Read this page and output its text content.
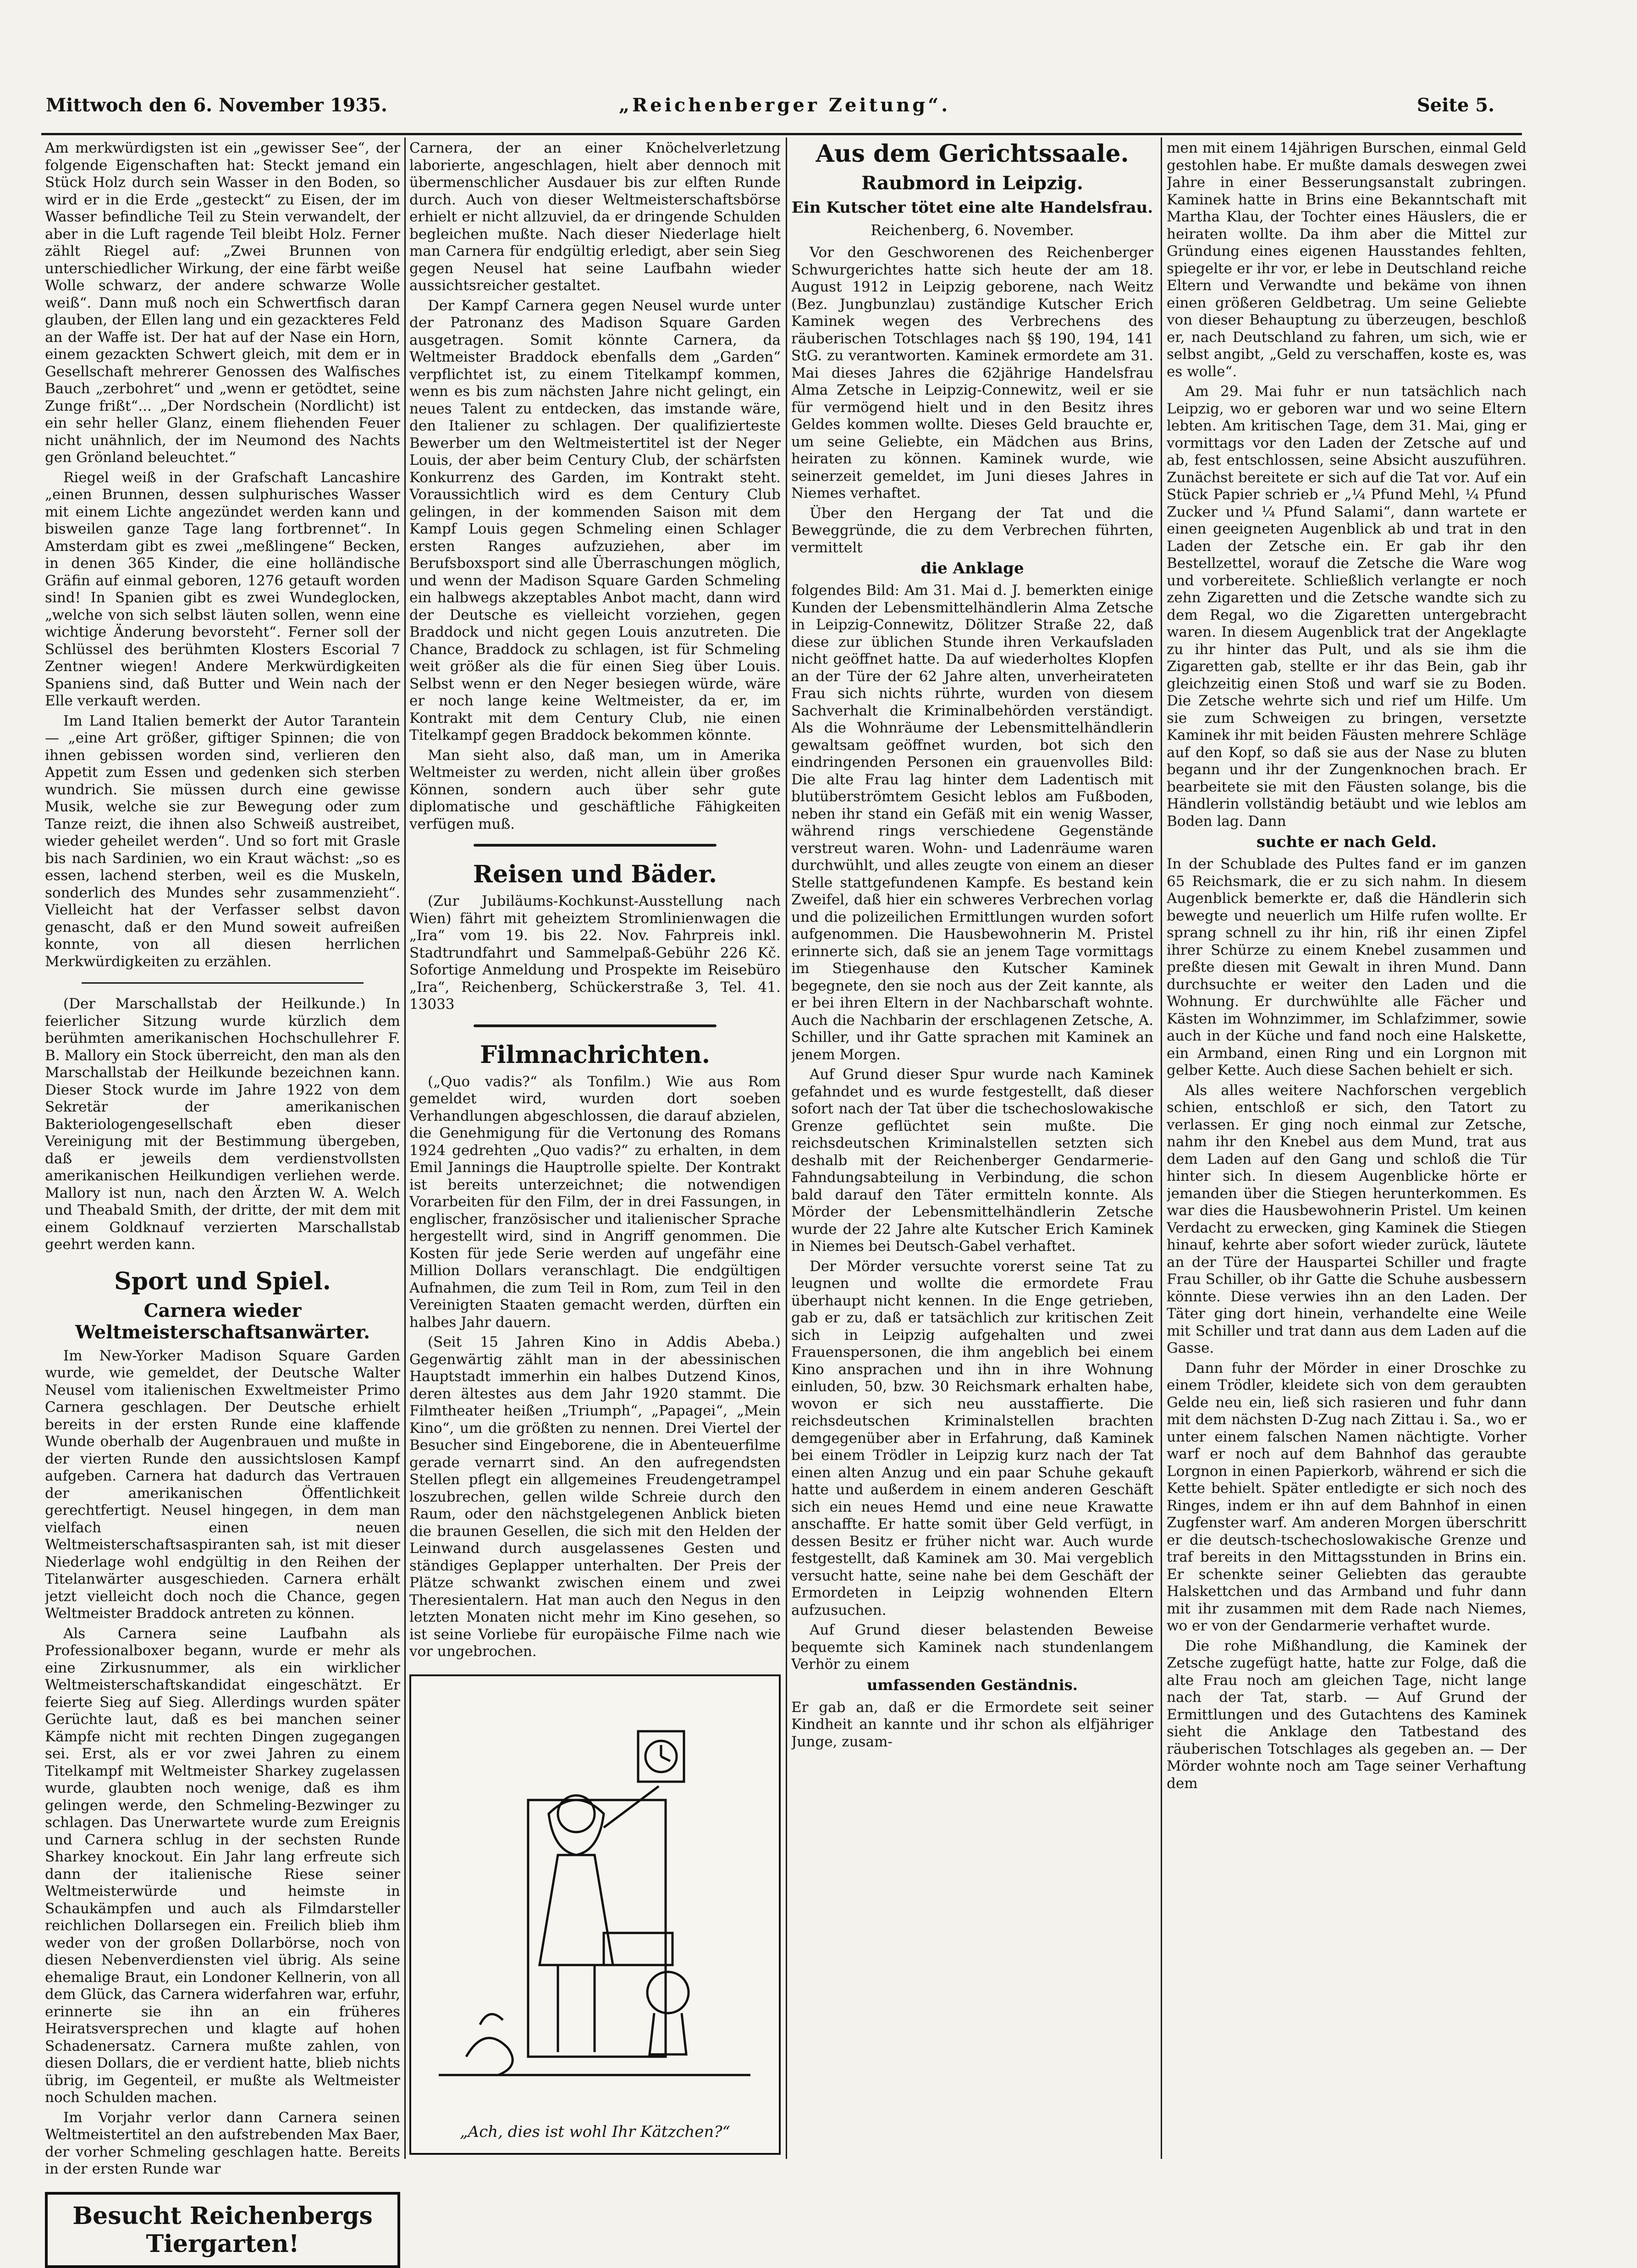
Mittwoch den 6. November 1935.	„Reichenberger Zeitung“.	Seite 5.

Am merkwürdigsten ist ein „gewisser See“, der folgende Eigenschaften hat: Steckt jemand ein Stück Holz durch sein Wasser in den Boden, so wird er in die Erde „gesteckt“ zu Eisen, der im Wasser befindliche Teil zu Stein verwandelt, der aber in die Luft ragende Teil bleibt Holz. Ferner zählt Riegel auf: „Zwei Brunnen von unterschiedlicher Wirkung, der eine färbt weiße Wolle schwarz, der andere schwarze Wolle weiß“. Dann muß noch ein Schwertfisch daran glauben, der Ellen lang und ein gezackteres Feld an der Waffe ist. Der hat auf der Nase ein Horn, einem gezackten Schwert gleich, mit dem er in Gesellschaft mehrerer Genossen des Walfisches Bauch „zerbohret“ und „wenn er getödtet, seine Zunge frißt“... „Der Nordschein (Nordlicht) ist ein sehr heller Glanz, einem fliehenden Feuer nicht unähnlich, der im Neumond des Nachts gen Grönland beleuchtet.“

Riegel weiß in der Grafschaft Lancashire „einen Brunnen, dessen sulphurisches Wasser mit einem Lichte angezündet werden kann und bisweilen ganze Tage lang fortbrennet“. In Amsterdam gibt es zwei „meßlingene“ Becken, in denen 365 Kinder, die eine holländische Gräfin auf einmal geboren, 1276 getauft worden sind! In Spanien gibt es zwei Wundeglocken, „welche von sich selbst läuten sollen, wenn eine wichtige Änderung bevorsteht“. Ferner soll der Schlüssel des berühmten Klosters Escorial 7 Zentner wiegen! Andere Merkwürdigkeiten Spaniens sind, daß Butter und Wein nach der Elle verkauft werden.

Im Land Italien bemerkt der Autor Tarantein — „eine Art größer, giftiger Spinnen; die von ihnen gebissen worden sind, verlieren den Appetit zum Essen und gedenken sich sterben wundrich. Sie müssen durch eine gewisse Musik, welche sie zur Bewegung oder zum Tanze reizt, die ihnen also Schweiß austreibet, wieder geheilet werden“. Und so fort mit Grasle bis nach Sardinien, wo ein Kraut wächst: „so es essen, lachend sterben, weil es die Muskeln, sonderlich des Mundes sehr zusammenzieht“. Vielleicht hat der Verfasser selbst davon genascht, daß er den Mund soweit aufreißen konnte, von all diesen herrlichen Merkwürdigkeiten zu erzählen.

(Der Marschallstab der Heilkunde.) In feierlicher Sitzung wurde kürzlich dem berühmten amerikanischen Hochschullehrer F. B. Mallory ein Stock überreicht, den man als den Marschallstab der Heilkunde bezeichnen kann. Dieser Stock wurde im Jahre 1922 von dem Sekretär der amerikanischen Bakteriologengesellschaft eben dieser Vereinigung mit der Bestimmung übergeben, daß er jeweils dem verdienstvollsten amerikanischen Heilkundigen verliehen werde. Mallory ist nun, nach den Ärzten W. A. Welch und Theabald Smith, der dritte, der mit dem mit einem Goldknauf verzierten Marschallstab geehrt werden kann.

Sport und Spiel.
Carnera wieder Weltmeisterschaftsanwärter.

Im New-Yorker Madison Square Garden wurde, wie gemeldet, der Deutsche Walter Neusel vom italienischen Exweltmeister Primo Carnera geschlagen. Der Deutsche erhielt bereits in der ersten Runde eine klaffende Wunde oberhalb der Augenbrauen und mußte in der vierten Runde den aussichtslosen Kampf aufgeben. Carnera hat dadurch das Vertrauen der amerikanischen Öffentlichkeit gerechtfertigt. Neusel hingegen, in dem man vielfach einen neuen Weltmeisterschaftsaspiranten sah, ist mit dieser Niederlage wohl endgültig in den Reihen der Titelanwärter ausgeschieden. Carnera erhält jetzt vielleicht doch noch die Chance, gegen Weltmeister Braddock antreten zu können.

Als Carnera seine Laufbahn als Professionalboxer begann, wurde er mehr als eine Zirkusnummer, als ein wirklicher Weltmeisterschaftskandidat eingeschätzt. Er feierte Sieg auf Sieg. Allerdings wurden später Gerüchte laut, daß es bei manchen seiner Kämpfe nicht mit rechten Dingen zugegangen sei. Erst, als er vor zwei Jahren zu einem Titelkampf mit Weltmeister Sharkey zugelassen wurde, glaubten noch wenige, daß es ihm gelingen werde, den Schmeling-Bezwinger zu schlagen. Das Unerwartete wurde zum Ereignis und Carnera schlug in der sechsten Runde Sharkey knockout. Ein Jahr lang erfreute sich dann der italienische Riese seiner Weltmeisterwürde und heimste in Schaukämpfen und auch als Filmdarsteller reichlichen Dollarsegen ein. Freilich blieb ihm weder von der großen Dollarbörse, noch von diesen Nebenverdiensten viel übrig. Als seine ehemalige Braut, ein Londoner Kellnerin, von all dem Glück, das Carnera widerfahren war, erfuhr, erinnerte sie ihn an ein früheres Heiratsversprechen und klagte auf hohen Schadenersatz. Carnera mußte zahlen, von diesen Dollars, die er verdient hatte, blieb nichts übrig, im Gegenteil, er mußte als Weltmeister noch Schulden machen.

Im Vorjahr verlor dann Carnera seinen Weltmeistertitel an den aufstrebenden Max Baer, der vorher Schmeling geschlagen hatte. Bereits in der ersten Runde war

Besucht Reichenbergs Tiergarten!

Carnera, der an einer Knöchelverletzung laborierte, angeschlagen, hielt aber dennoch mit übermenschlicher Ausdauer bis zur elften Runde durch. Auch von dieser Weltmeisterschaftsbörse erhielt er nicht allzuviel, da er dringende Schulden begleichen mußte. Nach dieser Niederlage hielt man Carnera für endgültig erledigt, aber sein Sieg gegen Neusel hat seine Laufbahn wieder aussichtsreicher gestaltet.

Der Kampf Carnera gegen Neusel wurde unter der Patronanz des Madison Square Garden ausgetragen. Somit könnte Carnera, da Weltmeister Braddock ebenfalls dem „Garden“ verpflichtet ist, zu einem Titelkampf kommen, wenn es bis zum nächsten Jahre nicht gelingt, ein neues Talent zu entdecken, das imstande wäre, den Italiener zu schlagen. Der qualifizierteste Bewerber um den Weltmeistertitel ist der Neger Louis, der aber beim Century Club, der schärfsten Konkurrenz des Garden, im Kontrakt steht. Voraussichtlich wird es dem Century Club gelingen, in der kommenden Saison mit dem Kampf Louis gegen Schmeling einen Schlager ersten Ranges aufzuziehen, aber im Berufsboxsport sind alle Überraschungen möglich, und wenn der Madison Square Garden Schmeling ein halbwegs akzeptables Anbot macht, dann wird der Deutsche es vielleicht vorziehen, gegen Braddock und nicht gegen Louis anzutreten. Die Chance, Braddock zu schlagen, ist für Schmeling weit größer als die für einen Sieg über Louis. Selbst wenn er den Neger besiegen würde, wäre er noch lange keine Weltmeister, da er, im Kontrakt mit dem Century Club, nie einen Titelkampf gegen Braddock bekommen könnte.

Man sieht also, daß man, um in Amerika Weltmeister zu werden, nicht allein über großes Können, sondern auch über sehr gute diplomatische und geschäftliche Fähigkeiten verfügen muß.

Reisen und Bäder.

(Zur Jubiläums-Kochkunst-Ausstellung nach Wien) fährt mit geheiztem Stromlinienwagen die „Ira“ vom 19. bis 22. Nov. Fahrpreis inkl. Stadtrundfahrt und Sammelpaß-Gebühr 226 Kč. Sofortige Anmeldung und Prospekte im Reisebüro „Ira“, Reichenberg, Schückerstraße 3, Tel. 41. 13033

Filmnachrichten.

(„Quo vadis?“ als Tonfilm.) Wie aus Rom gemeldet wird, wurden dort soeben Verhandlungen abgeschlossen, die darauf abzielen, die Genehmigung für die Vertonung des Romans 1924 gedrehten „Quo vadis?“ zu erhalten, in dem Emil Jannings die Hauptrolle spielte. Der Kontrakt ist bereits unterzeichnet; die notwendigen Vorarbeiten für den Film, der in drei Fassungen, in englischer, französischer und italienischer Sprache hergestellt wird, sind in Angriff genommen. Die Kosten für jede Serie werden auf ungefähr eine Million Dollars veranschlagt. Die endgültigen Aufnahmen, die zum Teil in Rom, zum Teil in den Vereinigten Staaten gemacht werden, dürften ein halbes Jahr dauern.

(Seit 15 Jahren Kino in Addis Abeba.) Gegenwärtig zählt man in der abessinischen Hauptstadt immerhin ein halbes Dutzend Kinos, deren ältestes aus dem Jahr 1920 stammt. Die Filmtheater heißen „Triumph“, „Papagei“, „Mein Kino“, um die größten zu nennen. Drei Viertel der Besucher sind Eingeborene, die in Abenteuerfilme gerade vernarrt sind. An den aufregendsten Stellen pflegt ein allgemeines Freudengetrampel loszubrechen, gellen wilde Schreie durch den Raum, oder den nächstgelegenen Anblick bieten die braunen Gesellen, die sich mit den Helden der Leinwand durch ausgelassenes Gesten und ständiges Geplapper unterhalten. Der Preis der Plätze schwankt zwischen einem und zwei Theresientalern. Hat man auch den Negus in den letzten Monaten nicht mehr im Kino gesehen, so ist seine Vorliebe für europäische Filme nach wie vor ungebrochen.

„Ach, dies ist wohl Ihr Kätzchen?“
Aus dem Gerichtssaale.
Raubmord in Leipzig.
Ein Kutscher tötet eine alte Handelsfrau.
Reichenberg, 6. November.

Vor den Geschworenen des Reichenberger Schwurgerichtes hatte sich heute der am 18. August 1912 in Leipzig geborene, nach Weitz (Bez. Jungbunzlau) zuständige Kutscher Erich Kaminek wegen des Verbrechens des räuberischen Totschlages nach §§ 190, 194, 141 StG. zu verantworten. Kaminek ermordete am 31. Mai dieses Jahres die 62jährige Handelsfrau Alma Zetsche in Leipzig-Connewitz, weil er sie für vermögend hielt und in den Besitz ihres Geldes kommen wollte. Dieses Geld brauchte er, um seine Geliebte, ein Mädchen aus Brins, heiraten zu können. Kaminek wurde, wie seinerzeit gemeldet, im Juni dieses Jahres in Niemes verhaftet.

Über den Hergang der Tat und die Beweggründe, die zu dem Verbrechen führten, vermittelt

die Anklage

folgendes Bild: Am 31. Mai d. J. bemerkten einige Kunden der Lebensmittelhändlerin Alma Zetsche in Leipzig-Connewitz, Dölitzer Straße 22, daß diese zur üblichen Stunde ihren Verkaufsladen nicht geöffnet hatte. Da auf wiederholtes Klopfen an der Türe der 62 Jahre alten, unverheirateten Frau sich nichts rührte, wurden von diesem Sachverhalt die Kriminalbehörden verständigt. Als die Wohnräume der Lebensmittelhändlerin gewaltsam geöffnet wurden, bot sich den eindringenden Personen ein grauenvolles Bild: Die alte Frau lag hinter dem Ladentisch mit blutüberströmtem Gesicht leblos am Fußboden, neben ihr stand ein Gefäß mit ein wenig Wasser, während rings verschiedene Gegenstände verstreut waren. Wohn- und Ladenräume waren durchwühlt, und alles zeugte von einem an dieser Stelle stattgefundenen Kampfe. Es bestand kein Zweifel, daß hier ein schweres Verbrechen vorlag und die polizeilichen Ermittlungen wurden sofort aufgenommen. Die Hausbewohnerin M. Pristel erinnerte sich, daß sie an jenem Tage vormittags im Stiegenhause den Kutscher Kaminek begegnete, den sie noch aus der Zeit kannte, als er bei ihren Eltern in der Nachbarschaft wohnte. Auch die Nachbarin der erschlagenen Zetsche, A. Schiller, und ihr Gatte sprachen mit Kaminek an jenem Morgen.

Auf Grund dieser Spur wurde nach Kaminek gefahndet und es wurde festgestellt, daß dieser sofort nach der Tat über die tschechoslowakische Grenze geflüchtet sein mußte. Die reichsdeutschen Kriminalstellen setzten sich deshalb mit der Reichenberger Gendarmerie-Fahndungsabteilung in Verbindung, die schon bald darauf den Täter ermitteln konnte. Als Mörder der Lebensmittelhändlerin Zetsche wurde der 22 Jahre alte Kutscher Erich Kaminek in Niemes bei Deutsch-Gabel verhaftet.

Der Mörder versuchte vorerst seine Tat zu leugnen und wollte die ermordete Frau überhaupt nicht kennen. In die Enge getrieben, gab er zu, daß er tatsächlich zur kritischen Zeit sich in Leipzig aufgehalten und zwei Frauenspersonen, die ihm angeblich bei einem Kino ansprachen und ihn in ihre Wohnung einluden, 50, bzw. 30 Reichsmark erhalten habe, wovon er sich neu ausstaffierte. Die reichsdeutschen Kriminalstellen brachten demgegenüber aber in Erfahrung, daß Kaminek bei einem Trödler in Leipzig kurz nach der Tat einen alten Anzug und ein paar Schuhe gekauft hatte und außerdem in einem anderen Geschäft sich ein neues Hemd und eine neue Krawatte anschaffte. Er hatte somit über Geld verfügt, in dessen Besitz er früher nicht war. Auch wurde festgestellt, daß Kaminek am 30. Mai vergeblich versucht hatte, seine nahe bei dem Geschäft der Ermordeten in Leipzig wohnenden Eltern aufzusuchen.

Auf Grund dieser belastenden Beweise bequemte sich Kaminek nach stundenlangem Verhör zu einem

umfassenden Geständnis.

Er gab an, daß er die Ermordete seit seiner Kindheit an kannte und ihr schon als elfjähriger Junge, zusam-

men mit einem 14jährigen Burschen, einmal Geld gestohlen habe. Er mußte damals deswegen zwei Jahre in einer Besserungsanstalt zubringen. Kaminek hatte in Brins eine Bekanntschaft mit Martha Klau, der Tochter eines Häuslers, die er heiraten wollte. Da ihm aber die Mittel zur Gründung eines eigenen Hausstandes fehlten, spiegelte er ihr vor, er lebe in Deutschland reiche Eltern und Verwandte und bekäme von ihnen einen größeren Geldbetrag. Um seine Geliebte von dieser Behauptung zu überzeugen, beschloß er, nach Deutschland zu fahren, um sich, wie er selbst angibt, „Geld zu verschaffen, koste es, was es wolle“.

Am 29. Mai fuhr er nun tatsächlich nach Leipzig, wo er geboren war und wo seine Eltern lebten. Am kritischen Tage, dem 31. Mai, ging er vormittags vor den Laden der Zetsche auf und ab, fest entschlossen, seine Absicht auszuführen. Zunächst bereitete er sich auf die Tat vor. Auf ein Stück Papier schrieb er „¼ Pfund Mehl, ¼ Pfund Zucker und ¼ Pfund Salami“, dann wartete er einen geeigneten Augenblick ab und trat in den Laden der Zetsche ein. Er gab ihr den Bestellzettel, worauf die Zetsche die Ware wog und vorbereitete. Schließlich verlangte er noch zehn Zigaretten und die Zetsche wandte sich zu dem Regal, wo die Zigaretten untergebracht waren. In diesem Augenblick trat der Angeklagte zu ihr hinter das Pult, und als sie ihm die Zigaretten gab, stellte er ihr das Bein, gab ihr gleichzeitig einen Stoß und warf sie zu Boden. Die Zetsche wehrte sich und rief um Hilfe. Um sie zum Schweigen zu bringen, versetzte Kaminek ihr mit beiden Fäusten mehrere Schläge auf den Kopf, so daß sie aus der Nase zu bluten begann und ihr der Zungenknochen brach. Er bearbeitete sie mit den Fäusten solange, bis die Händlerin vollständig betäubt und wie leblos am Boden lag. Dann

suchte er nach Geld.

In der Schublade des Pultes fand er im ganzen 65 Reichsmark, die er zu sich nahm. In diesem Augenblick bemerkte er, daß die Händlerin sich bewegte und neuerlich um Hilfe rufen wollte. Er sprang schnell zu ihr hin, riß ihr einen Zipfel ihrer Schürze zu einem Knebel zusammen und preßte diesen mit Gewalt in ihren Mund. Dann durchsuchte er weiter den Laden und die Wohnung. Er durchwühlte alle Fächer und Kästen im Wohnzimmer, im Schlafzimmer, sowie auch in der Küche und fand noch eine Halskette, ein Armband, einen Ring und ein Lorgnon mit gelber Kette. Auch diese Sachen behielt er sich.

Als alles weitere Nachforschen vergeblich schien, entschloß er sich, den Tatort zu verlassen. Er ging noch einmal zur Zetsche, nahm ihr den Knebel aus dem Mund, trat aus dem Laden auf den Gang und schloß die Tür hinter sich. In diesem Augenblicke hörte er jemanden über die Stiegen herunterkommen. Es war dies die Hausbewohnerin Pristel. Um keinen Verdacht zu erwecken, ging Kaminek die Stiegen hinauf, kehrte aber sofort wieder zurück, läutete an der Türe der Hauspartei Schiller und fragte Frau Schiller, ob ihr Gatte die Schuhe ausbessern könnte. Diese verwies ihn an den Laden. Der Täter ging dort hinein, verhandelte eine Weile mit Schiller und trat dann aus dem Laden auf die Gasse.

Dann fuhr der Mörder in einer Droschke zu einem Trödler, kleidete sich von dem geraubten Gelde neu ein, ließ sich rasieren und fuhr dann mit dem nächsten D-Zug nach Zittau i. Sa., wo er unter einem falschen Namen nächtigte. Vorher warf er noch auf dem Bahnhof das geraubte Lorgnon in einen Papierkorb, während er sich die Kette behielt. Später entledigte er sich noch des Ringes, indem er ihn auf dem Bahnhof in einen Zugfenster warf. Am anderen Morgen überschritt er die deutsch-tschechoslowakische Grenze und traf bereits in den Mittagsstunden in Brins ein. Er schenkte seiner Geliebten das geraubte Halskettchen und das Armband und fuhr dann mit ihr zusammen mit dem Rade nach Niemes, wo er von der Gendarmerie verhaftet wurde.

Die rohe Mißhandlung, die Kaminek der Zetsche zugefügt hatte, hatte zur Folge, daß die alte Frau noch am gleichen Tage, nicht lange nach der Tat, starb. — Auf Grund der Ermittlungen und des Gutachtens des Kaminek sieht die Anklage den Tatbestand des räuberischen Totschlages als gegeben an. — Der Mörder wohnte noch am Tage seiner Verhaftung dem
